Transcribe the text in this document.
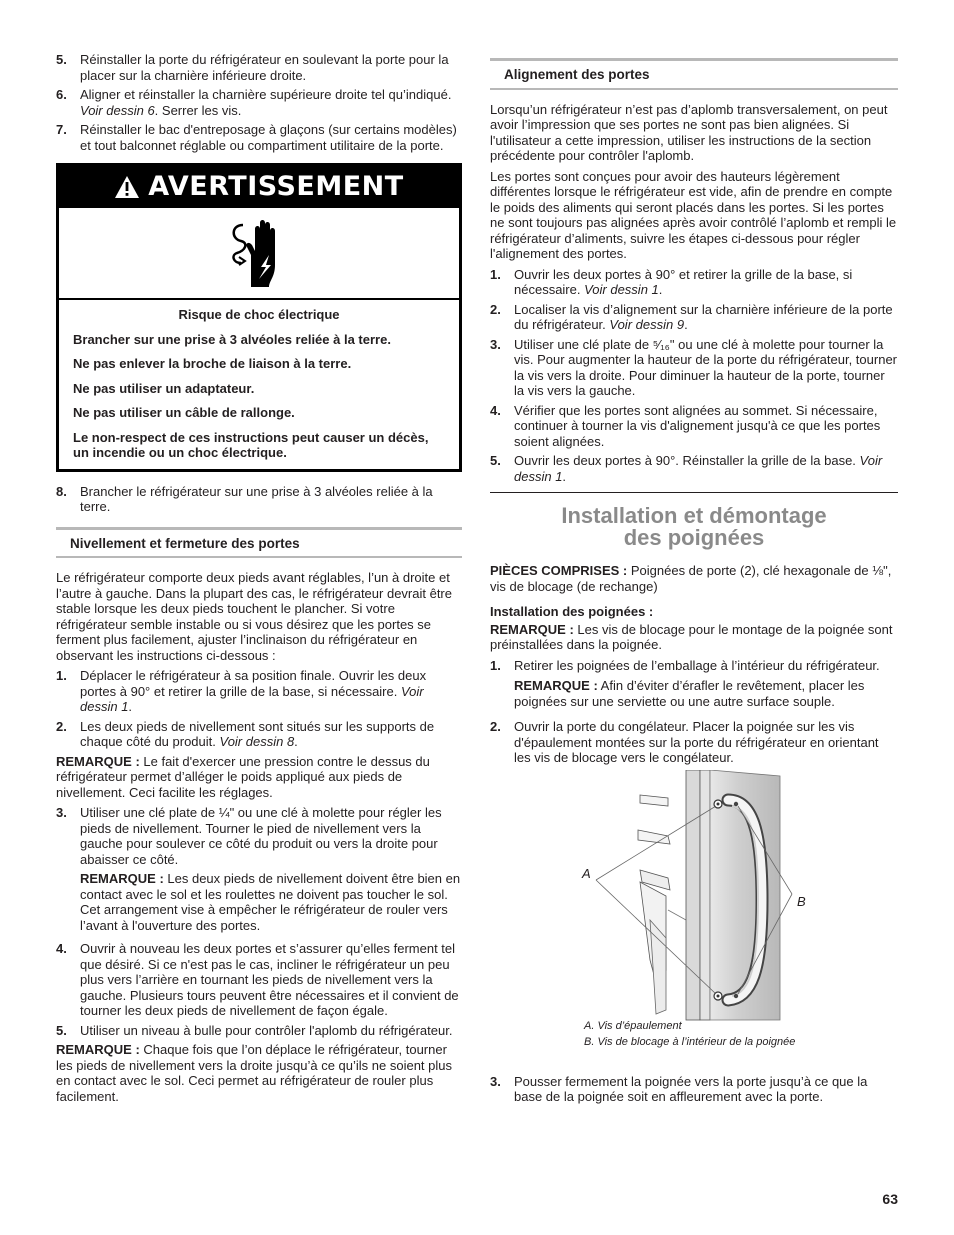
5.	Réinstaller la porte du réfrigérateur en soulevant la porte pour la placer sur la charnière inférieure droite.
6.	Aligner et réinstaller la charnière supérieure droite tel qu’indiqué. Voir dessin 6. Serrer les vis.
7.	Réinstaller le bac d'entreposage à glaçons (sur certains modèles) et tout balconnet réglable ou compartiment utilitaire de la porte.
AVERTISSEMENT
Risque de choc électrique
Brancher sur une prise à 3 alvéoles reliée à la terre.
Ne pas enlever la broche de liaison à la terre.
Ne pas utiliser un adaptateur.
Ne pas utiliser un câble de rallonge.
Le non-respect de ces instructions peut causer un décès, un incendie ou un choc électrique.
8.	Brancher le réfrigérateur sur une prise à 3 alvéoles reliée à la terre.
Nivellement et fermeture des portes

Le réfrigérateur comporte deux pieds avant réglables, l’un à droite et l’autre à gauche. Dans la plupart des cas, le réfrigérateur devrait être stable lorsque les deux pieds touchent le plancher. Si votre réfrigérateur semble instable ou si vous désirez que les portes se ferment plus facilement, ajuster l’inclinaison du réfrigérateur en observant les instructions ci-dessous :

1.	Déplacer le réfrigérateur à sa position finale. Ouvrir les deux portes à 90° et retirer la grille de la base, si nécessaire. Voir dessin 1.
2.	Les deux pieds de nivellement sont situés sur les supports de chaque côté du produit. Voir dessin 8.

REMARQUE : Le fait d'exercer une pression contre le dessus du réfrigérateur permet d’alléger le poids appliqué aux pieds de nivellement. Ceci facilite les réglages.

3.	Utiliser une clé plate de ¼" ou une clé à molette pour régler les pieds de nivellement. Tourner le pied de nivellement vers la gauche pour soulever ce côté du produit ou vers la droite pour abaisser ce côté.
REMARQUE : Les deux pieds de nivellement doivent être bien en contact avec le sol et les roulettes ne doivent pas toucher le sol. Cet arrangement vise à empêcher le réfrigérateur de rouler vers l’avant à l'ouverture des portes.
4.	Ouvrir à nouveau les deux portes et s’assurer qu’elles ferment tel que désiré. Si ce n'est pas le cas, incliner le réfrigérateur un peu plus vers l’arrière en tournant les pieds de nivellement vers la gauche. Plusieurs tours peuvent être nécessaires et il convient de tourner les deux pieds de nivellement de façon égale.
5.	Utiliser un niveau à bulle pour contrôler l'aplomb du réfrigérateur.

REMARQUE : Chaque fois que l’on déplace le réfrigérateur, tourner les pieds de nivellement vers la droite jusqu’à ce qu’ils ne soient plus en contact avec le sol. Ceci permet au réfrigérateur de rouler plus facilement.

Alignement des portes

Lorsqu’un réfrigérateur n’est pas d’aplomb transversalement, on peut avoir l’impression que ses portes ne sont pas bien alignées. Si l'utilisateur a cette impression, utiliser les instructions de la section précédente pour contrôler l'aplomb.

Les portes sont conçues pour avoir des hauteurs légèrement différentes lorsque le réfrigérateur est vide, afin de prendre en compte le poids des aliments qui seront placés dans les portes. Si les portes ne sont toujours pas alignées après avoir contrôlé l’aplomb et rempli le réfrigérateur d’aliments, suivre les étapes ci-dessous pour régler l'alignement des portes.

1.	Ouvrir les deux portes à 90° et retirer la grille de la base, si nécessaire. Voir dessin 1.
2.	Localiser la vis d’alignement sur la charnière inférieure de la porte du réfrigérateur. Voir dessin 9.
3.	Utiliser une clé plate de ⁵⁄₁₆" ou une clé à molette pour tourner la vis. Pour augmenter la hauteur de la porte du réfrigérateur, tourner la vis vers la droite. Pour diminuer la hauteur de la porte, tourner la vis vers la gauche.
4.	Vérifier que les portes sont alignées au sommet. Si nécessaire, continuer à tourner la vis d'alignement jusqu'à ce que les portes soient alignées.
5.	Ouvrir les deux portes à 90°. Réinstaller la grille de la base. Voir dessin 1.
Installation et démontage
des poignées

PIÈCES COMPRISES : Poignées de porte (2), clé hexagonale de ⅛", vis de blocage (de rechange)

Installation des poignées :

REMARQUE : Les vis de blocage pour le montage de la poignée sont préinstallées dans la poignée.

1.	Retirer les poignées de l’emballage à l’intérieur du réfrigérateur.
REMARQUE : Afin d’éviter d’érafler le revêtement, placer les poignées sur une serviette ou une autre surface souple.
2.	Ouvrir la porte du congélateur. Placer la poignée sur les vis d'épaulement montées sur la porte du réfrigérateur en orientant les vis de blocage vers le congélateur.
A
B
A. Vis d’épaulement
B. Vis de blocage à l’intérieur de la poignée
3.	Pousser fermement la poignée vers la porte jusqu’à ce que la base de la poignée soit en affleurement avec la porte.
63
